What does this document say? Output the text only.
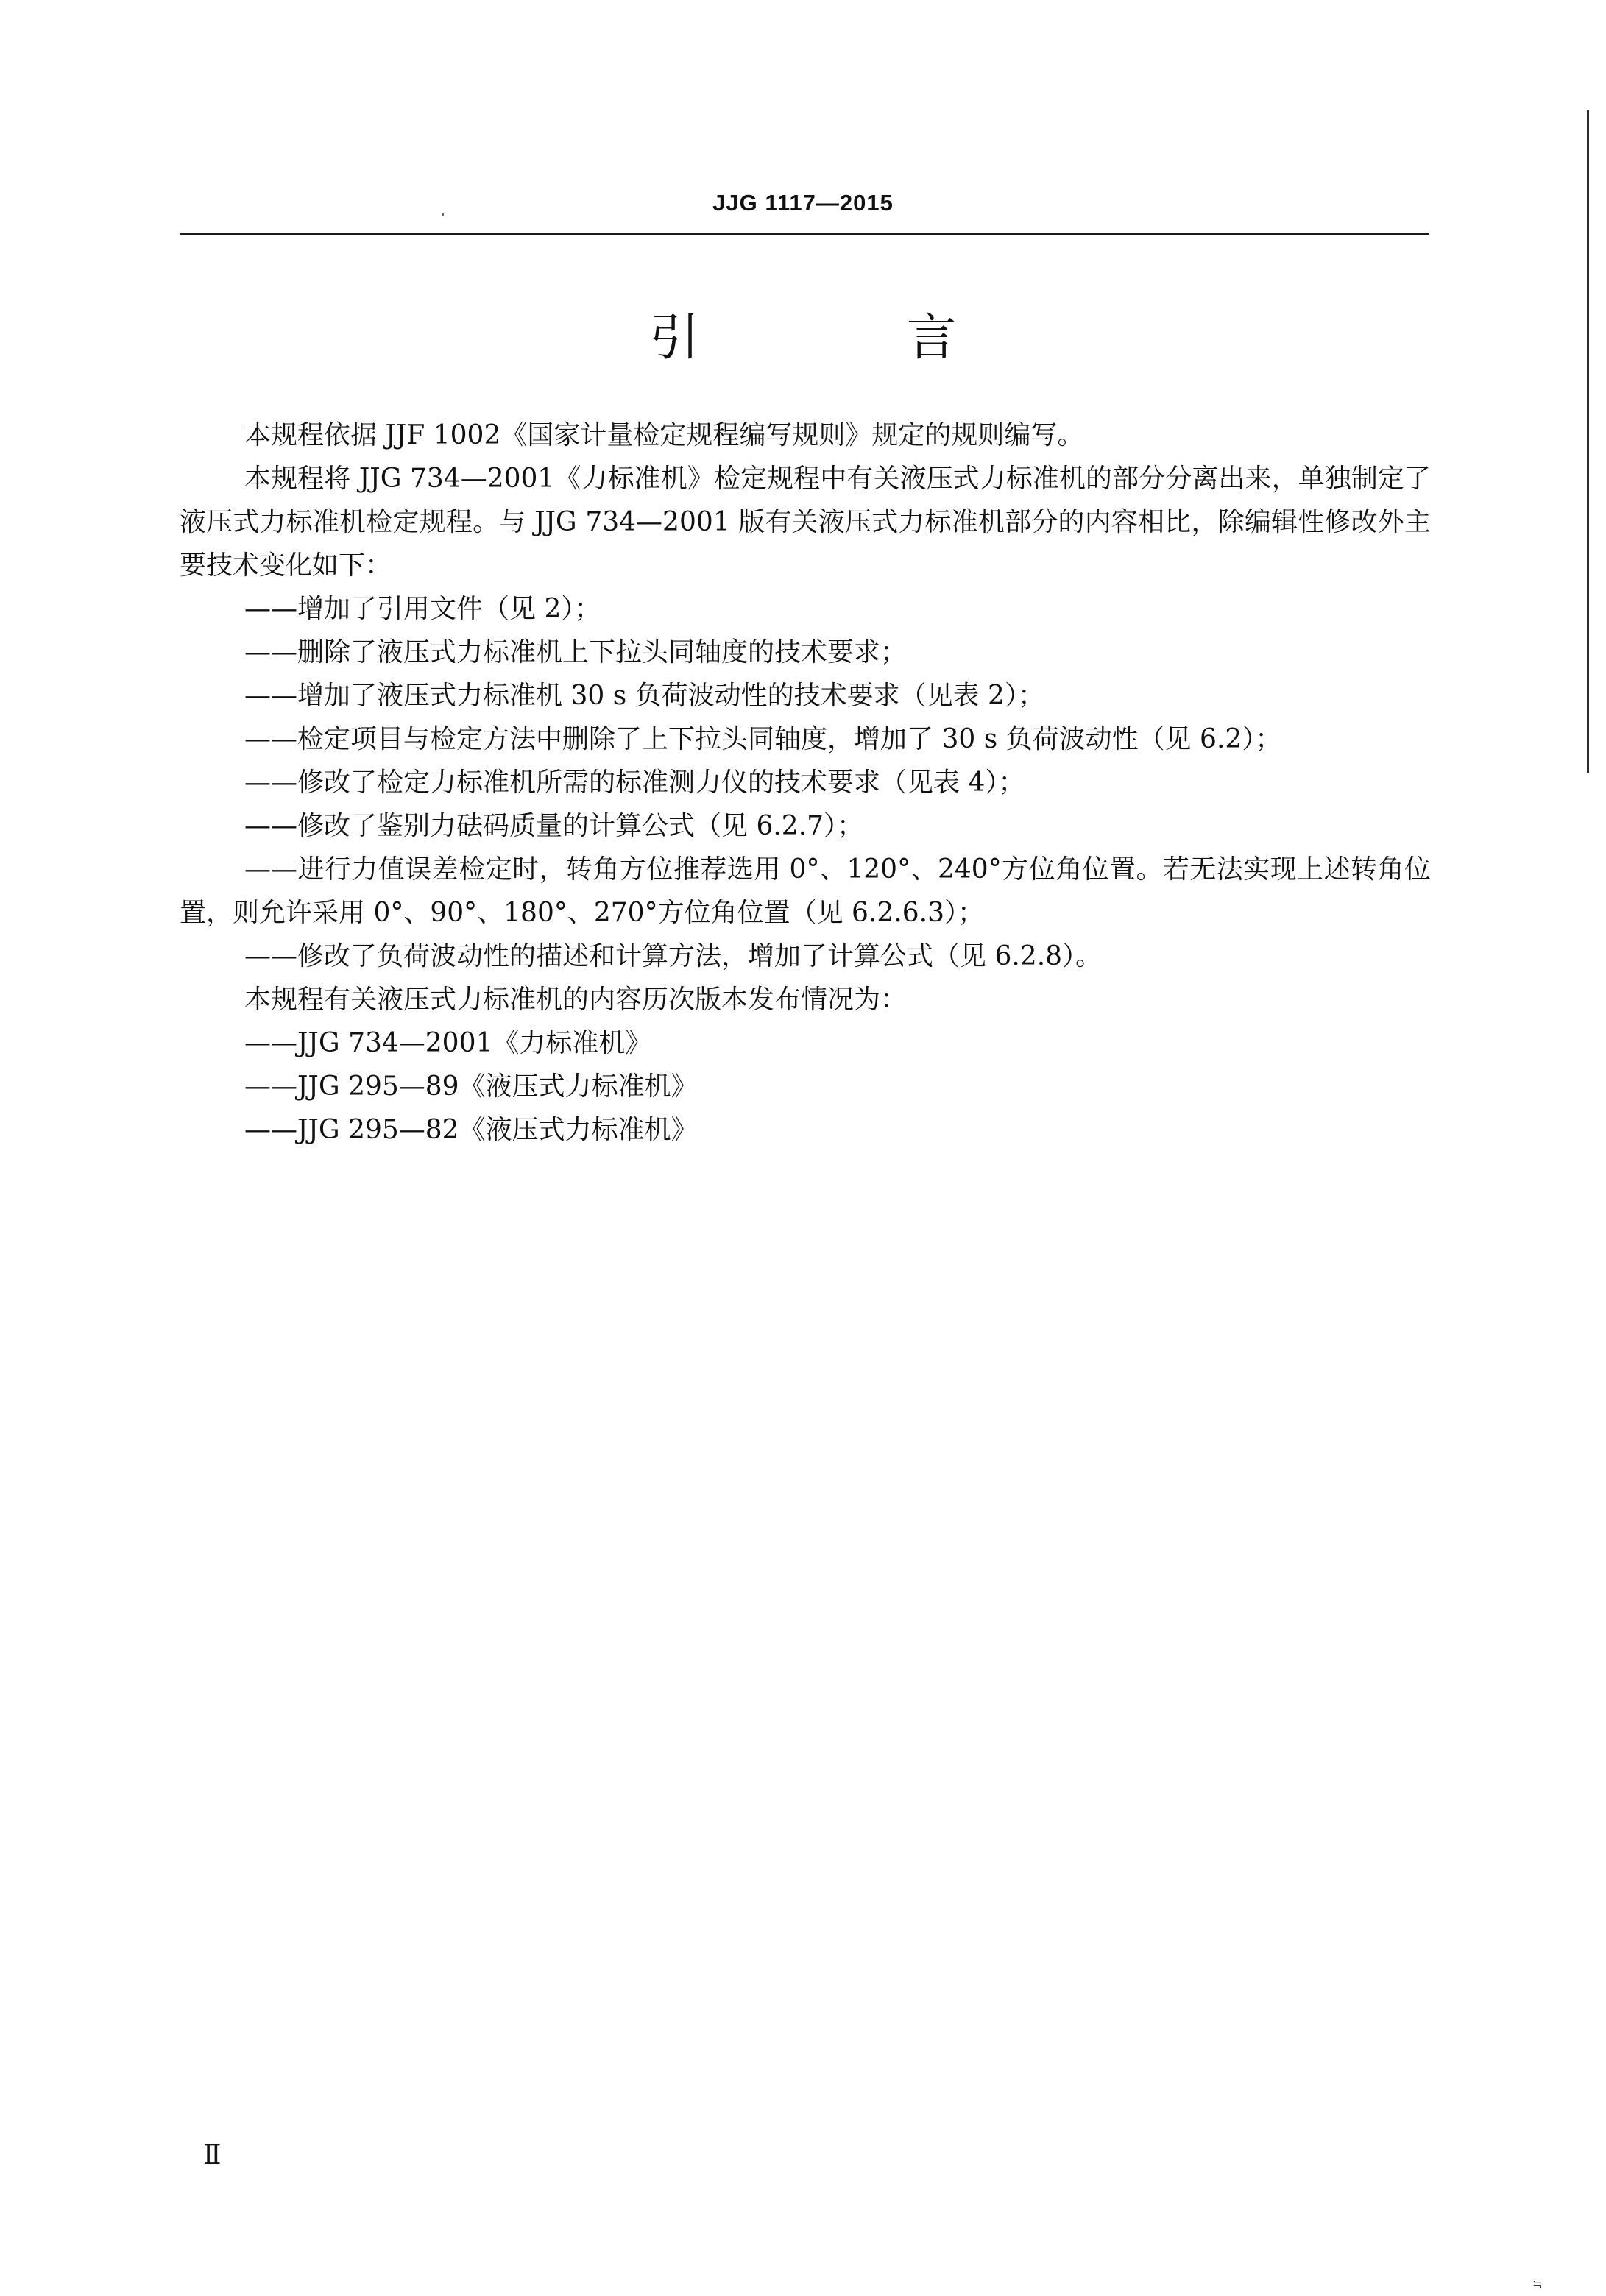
JJG 1117—2015
引 言

本规程依据 JJF 1002《国家计量检定规程编写规则》规定的规则编写。

本规程将 JJG 734—2001《力标准机》检定规程中有关液压式力标准机的部分分离出来，单独制定了液压式力标准机检定规程。与 JJG 734—2001 版有关液压式力标准机部分的内容相比，除编辑性修改外主要技术变化如下：

——增加了引用文件（见 2）；

——删除了液压式力标准机上下拉头同轴度的技术要求；

——增加了液压式力标准机 30 s 负荷波动性的技术要求（见表 2）；

——检定项目与检定方法中删除了上下拉头同轴度，增加了 30 s 负荷波动性（见 6.2）；

——修改了检定力标准机所需的标准测力仪的技术要求（见表 4）；

——修改了鉴别力砝码质量的计算公式（见 6.2.7）；

——进行力值误差检定时，转角方位推荐选用 0°、120°、240°方位角位置。若无法实现上述转角位置，则允许采用 0°、90°、180°、270°方位角位置（见 6.2.6.3）；

——修改了负荷波动性的描述和计算方法，增加了计算公式（见 6.2.8）。

本规程有关液压式力标准机的内容历次版本发布情况为：

——JJG 734—2001《力标准机》

——JJG 295—89《液压式力标准机》

——JJG 295—82《液压式力标准机》

Ⅱ
≒
